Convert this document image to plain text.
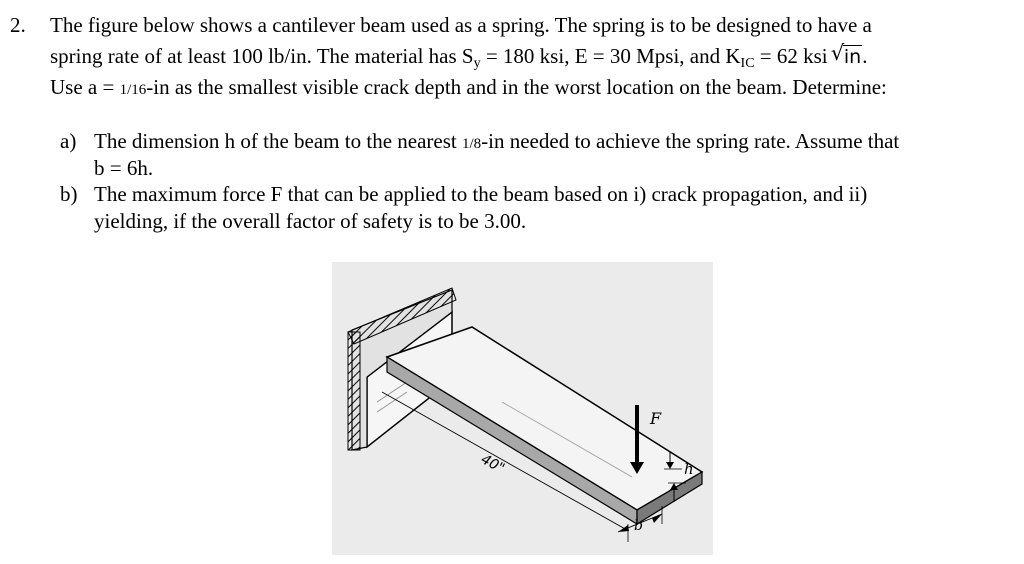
2. The figure below shows a cantilever beam used as a spring. The spring is to be designed to have a
spring rate of at least 100 lb/in. The material has Sy = 180 ksi, E = 30 Mpsi, and KIC = 62 ksi
√ in.
Use a = 1/16-in as the smallest visible crack depth and in the worst location on the beam. Determine:
a) The dimension h of the beam to the nearest 1/8-in needed to achieve the spring rate. Assume that
b = 6h.
b) The maximum force F that can be applied to the beam based on i) crack propagation, and ii)
yielding, if the overall factor of safety is to be 3.00.
40"
F
h
b
